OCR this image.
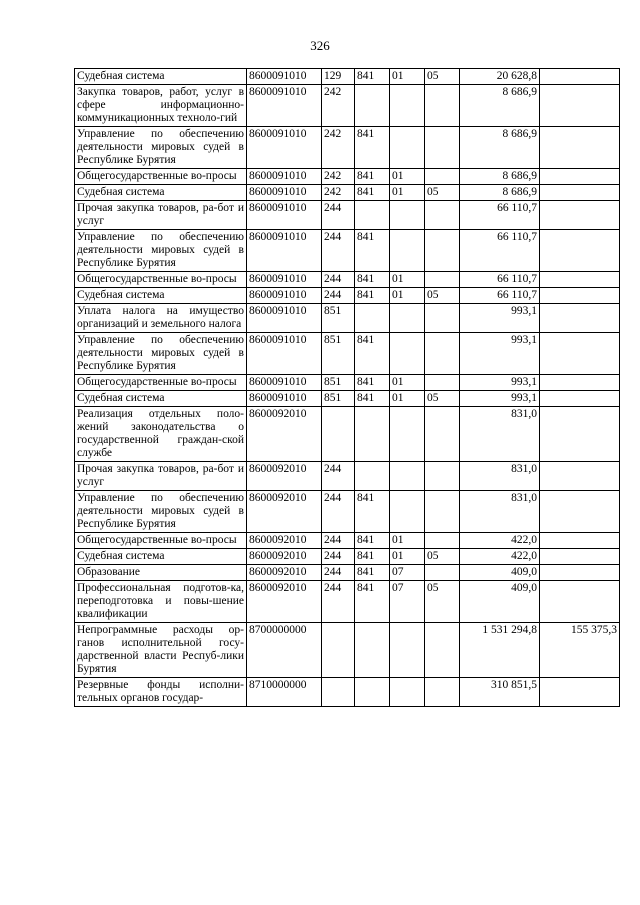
326
Судебная система	8600091010	129	841	01	05	20 628,8	
Закупка товаров, работ, услуг в сфере информационно-коммуникационных техноло-гий	8600091010	242				8 686,9	
Управление по обеспечению деятельности мировых судей в Республике Бурятия	8600091010	242	841			8 686,9	
Общегосударственные во-просы	8600091010	242	841	01		8 686,9	
Судебная система	8600091010	242	841	01	05	8 686,9	
Прочая закупка товаров, ра-бот и услуг	8600091010	244				66 110,7	
Управление по обеспечению деятельности мировых судей в Республике Бурятия	8600091010	244	841			66 110,7	
Общегосударственные во-просы	8600091010	244	841	01		66 110,7	
Судебная система	8600091010	244	841	01	05	66 110,7	
Уплата налога на имущество организаций и земельного налога	8600091010	851				993,1	
Управление по обеспечению деятельности мировых судей в Республике Бурятия	8600091010	851	841			993,1	
Общегосударственные во-просы	8600091010	851	841	01		993,1	
Судебная система	8600091010	851	841	01	05	993,1	
Реализация отдельных поло-жений законодательства о государственной граждан-ской службе	8600092010					831,0	
Прочая закупка товаров, ра-бот и услуг	8600092010	244				831,0	
Управление по обеспечению деятельности мировых судей в Республике Бурятия	8600092010	244	841			831,0	
Общегосударственные во-просы	8600092010	244	841	01		422,0	
Судебная система	8600092010	244	841	01	05	422,0	
Образование	8600092010	244	841	07		409,0	
Профессиональная подготов-ка, переподготовка и повы-шение квалификации	8600092010	244	841	07	05	409,0	
Непрограммные расходы ор-ганов исполнительной госу-дарственной власти Респуб-лики Бурятия	8700000000					1 531 294,8	155 375,3
Резервные фонды исполни-тельных органов государ-	8710000000					310 851,5	
